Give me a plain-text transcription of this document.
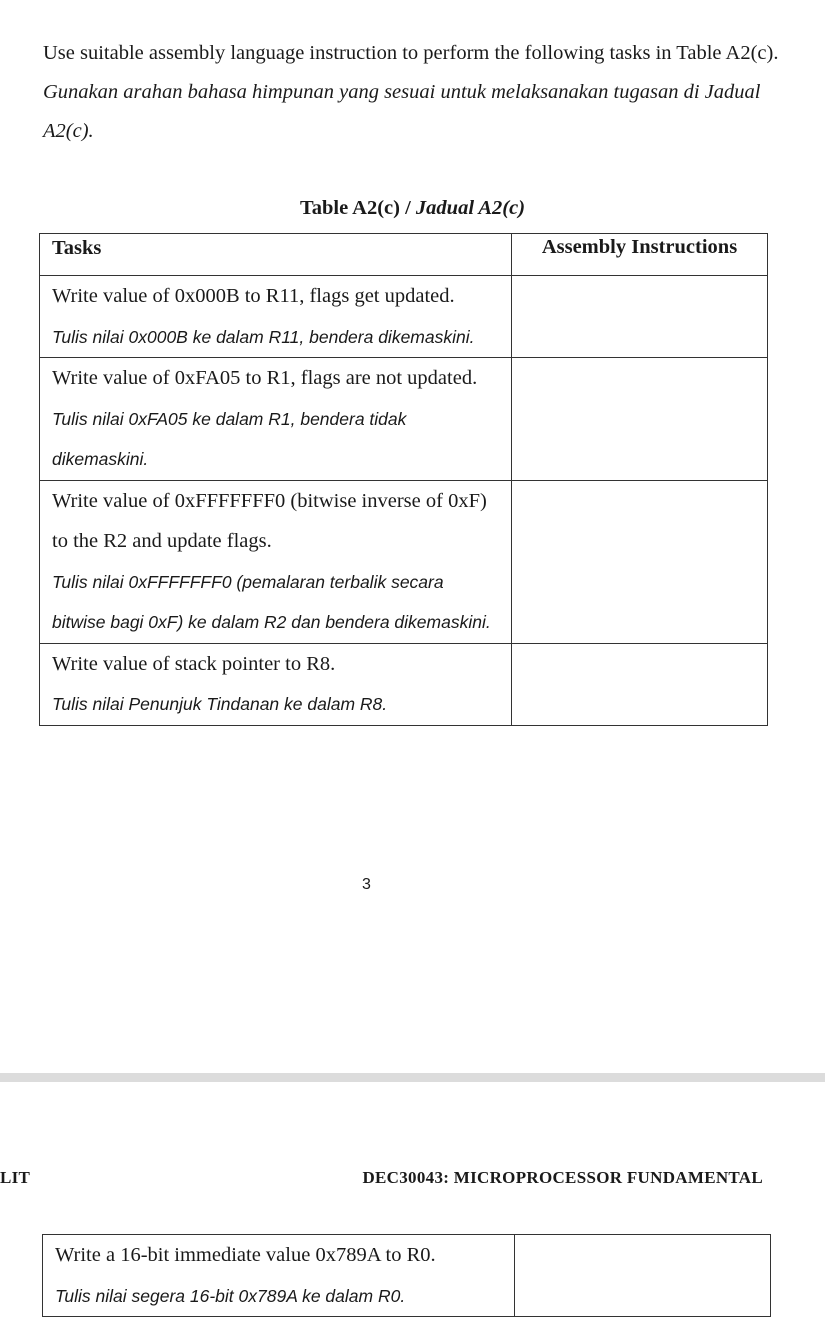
Use suitable assembly language instruction to perform the following tasks in Table A2(c).

Gunakan arahan bahasa himpunan yang sesuai untuk melaksanakan tugasan di Jadual A2(c).

Table A2(c) / Jadual A2(c)
Tasks	Assembly Instructions

Write value of 0x000B to R11, flags get updated.
Tulis nilai 0x000B ke dalam R11, bendera dikemaskini.	

Write value of 0xFA05 to R1, flags are not updated.
Tulis nilai 0xFA05 ke dalam R1, bendera tidak dikemaskini.	

Write value of 0xFFFFFFF0 (bitwise inverse of 0xF) to the R2 and update flags.
Tulis nilai 0xFFFFFFF0 (pemalaran terbalik secara bitwise bagi 0xF) ke dalam R2 dan bendera dikemaskini.	

Write value of stack pointer to R8.
Tulis nilai Penunjuk Tindanan ke dalam R8.	

3
LIT	DEC30043: MICROPROCESSOR FUNDAMENTAL
Write a 16-bit immediate value 0x789A to R0.
Tulis nilai segera 16-bit 0x789A ke dalam R0.
